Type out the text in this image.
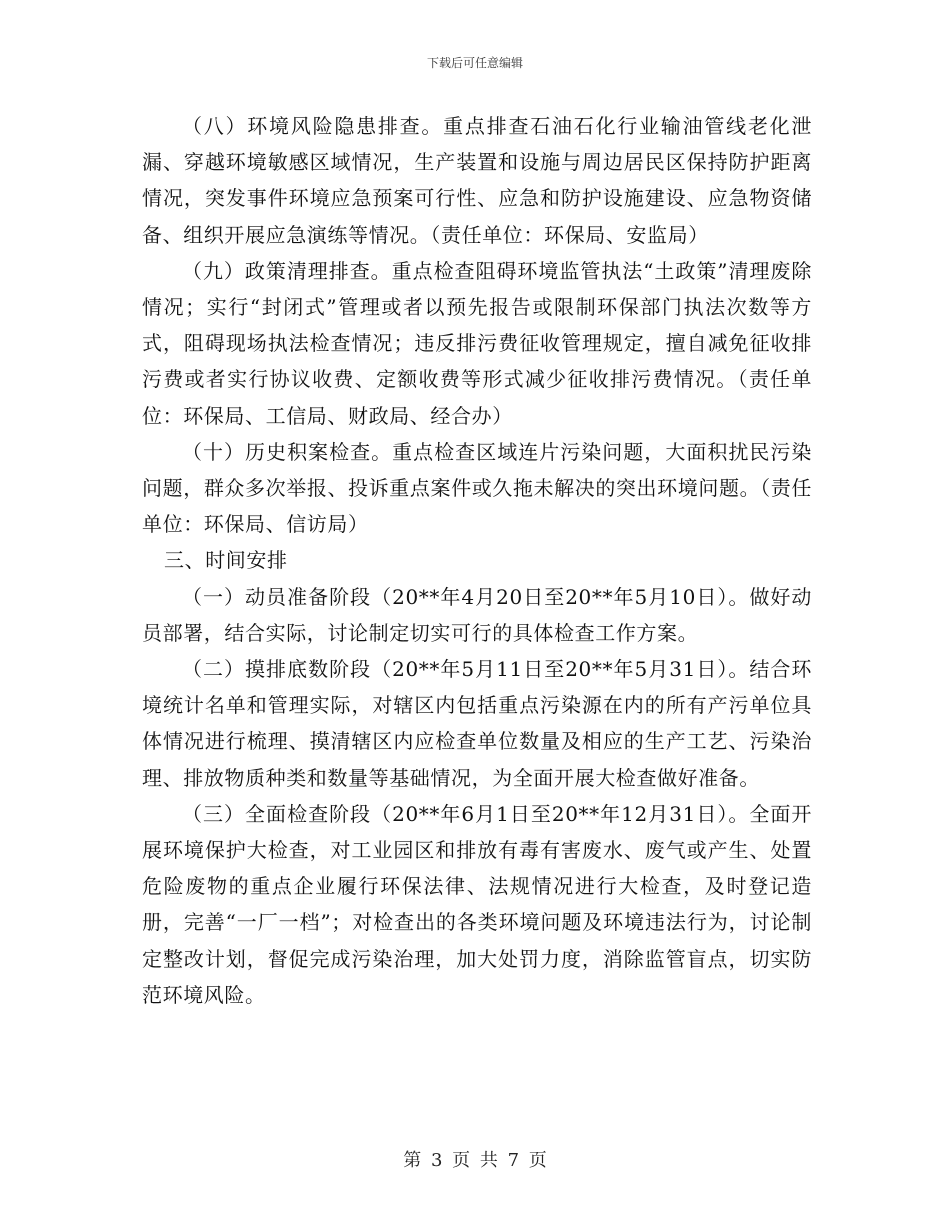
下载后可任意编辑

（八）环境风险隐患排查。重点排查石油石化行业输油管线老化泄漏、穿越环境敏感区域情况，生产装置和设施与周边居民区保持防护距离情况，突发事件环境应急预案可行性、应急和防护设施建设、应急物资储备、组织开展应急演练等情况。（责任单位：环保局、安监局）

（九）政策清理排查。重点检查阻碍环境监管执法“土政策”清理废除情况；实行“封闭式”管理或者以预先报告或限制环保部门执法次数等方式，阻碍现场执法检查情况；违反排污费征收管理规定，擅自减免征收排污费或者实行协议收费、定额收费等形式减少征收排污费情况。（责任单位：环保局、工信局、财政局、经合办）

（十）历史积案检查。重点检查区域连片污染问题，大面积扰民污染问题，群众多次举报、投诉重点案件或久拖未解决的突出环境问题。（责任单位：环保局、信访局）

三、时间安排

（一）动员准备阶段（20**年4月20日至20**年5月10日）。做好动员部署，结合实际，讨论制定切实可行的具体检查工作方案。

（二）摸排底数阶段（20**年5月11日至20**年5月31日）。结合环境统计名单和管理实际，对辖区内包括重点污染源在内的所有产污单位具体情况进行梳理、摸清辖区内应检查单位数量及相应的生产工艺、污染治理、排放物质种类和数量等基础情况，为全面开展大检查做好准备。

（三）全面检查阶段（20**年6月1日至20**年12月31日）。全面开展环境保护大检查，对工业园区和排放有毒有害废水、废气或产生、处置危险废物的重点企业履行环保法律、法规情况进行大检查，及时登记造册，完善“一厂一档”；对检查出的各类环境问题及环境违法行为，讨论制定整改计划，督促完成污染治理，加大处罚力度，消除监管盲点，切实防范环境风险。

第 3 页 共 7 页
